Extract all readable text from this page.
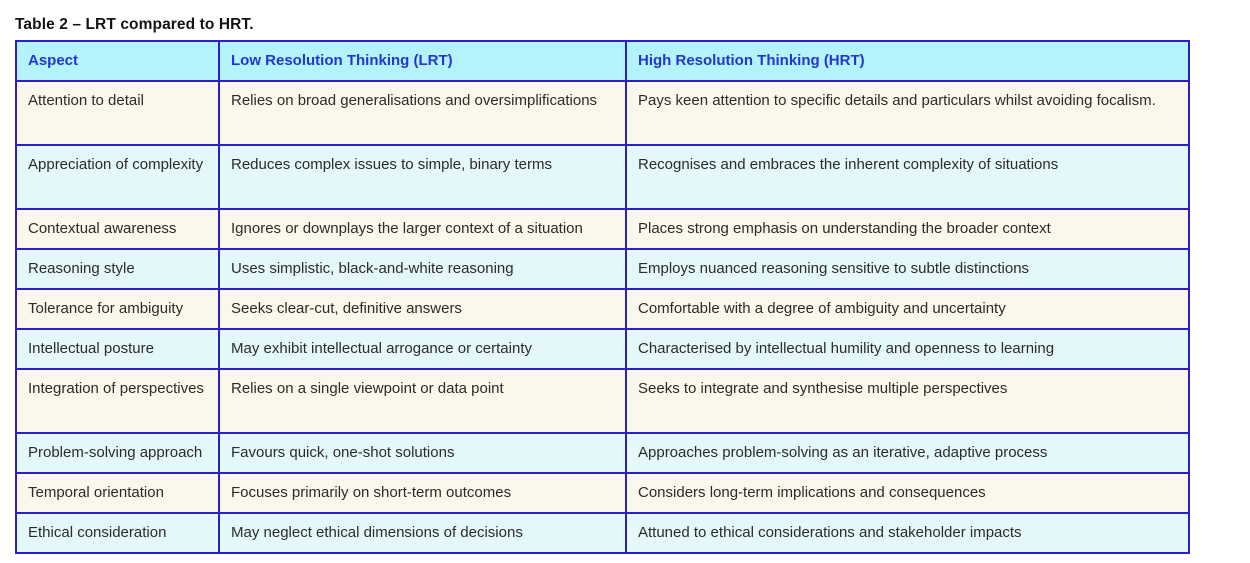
Table 2 – LRT compared to HRT.

Aspect	Low Resolution Thinking (LRT)	High Resolution Thinking (HRT)
Attention to detail	Relies on broad generalisations and oversimplifications	Pays keen attention to specific details and particulars whilst avoiding focalism.
Appreciation of complexity	Reduces complex issues to simple, binary terms	Recognises and embraces the inherent complexity of situations
Contextual awareness	Ignores or downplays the larger context of a situation	Places strong emphasis on understanding the broader context
Reasoning style	Uses simplistic, black-and-white reasoning	Employs nuanced reasoning sensitive to subtle distinctions
Tolerance for ambiguity	Seeks clear-cut, definitive answers	Comfortable with a degree of ambiguity and uncertainty
Intellectual posture	May exhibit intellectual arrogance or certainty	Characterised by intellectual humility and openness to learning
Integration of perspectives	Relies on a single viewpoint or data point	Seeks to integrate and synthesise multiple perspectives
Problem-solving approach	Favours quick, one-shot solutions	Approaches problem-solving as an iterative, adaptive process
Temporal orientation	Focuses primarily on short-term outcomes	Considers long-term implications and consequences
Ethical consideration	May neglect ethical dimensions of decisions	Attuned to ethical considerations and stakeholder impacts
